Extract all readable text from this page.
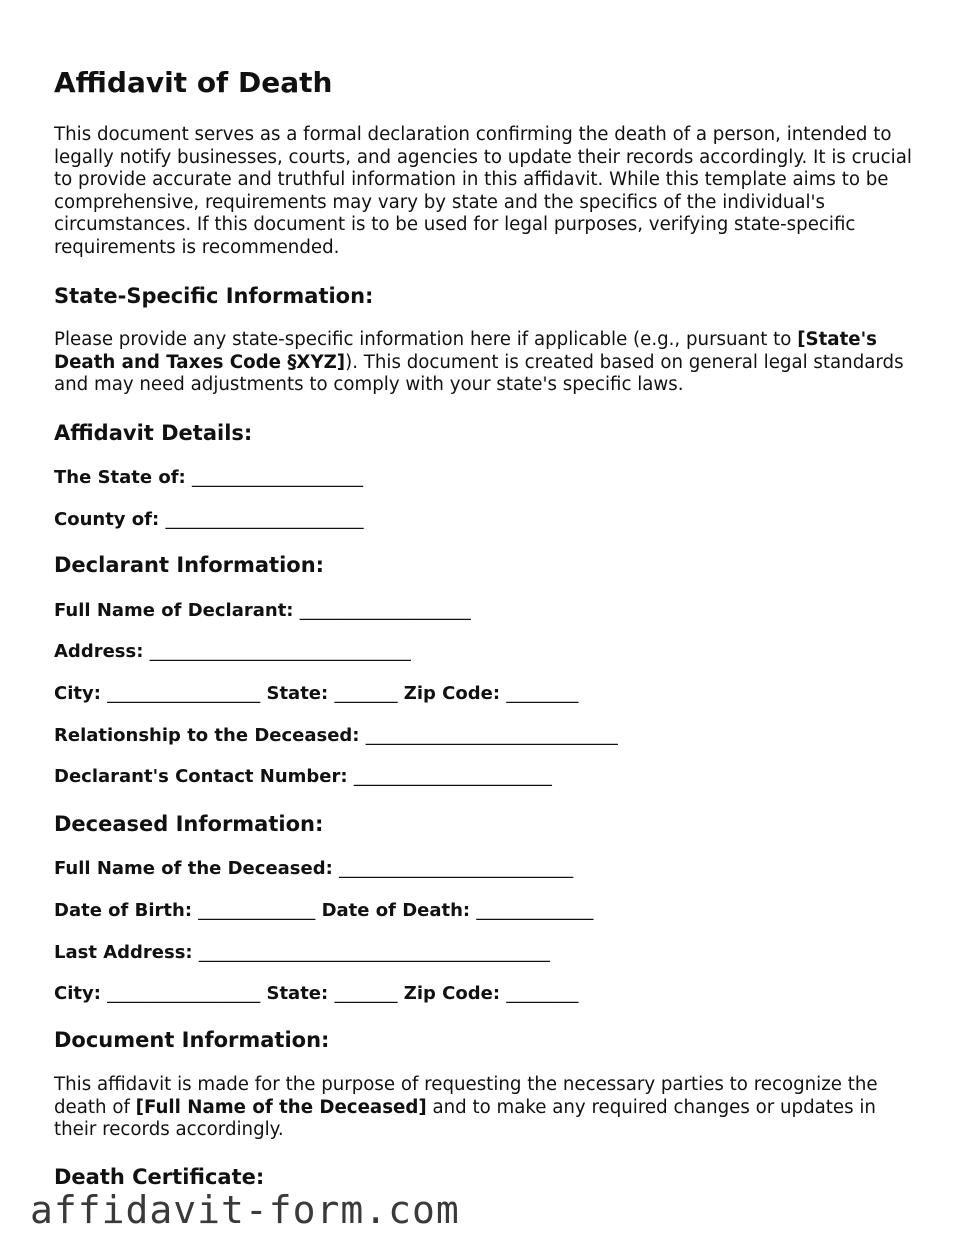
Affidavit of Death

This document serves as a formal declaration confirming the death of a person, intended to legally notify businesses, courts, and agencies to update their records accordingly. It is crucial to provide accurate and truthful information in this affidavit. While this template aims to be comprehensive, requirements may vary by state and the specifics of the individual's circumstances. If this document is to be used for legal purposes, verifying state-specific requirements is recommended.

State-Specific Information:

Please provide any state-specific information here if applicable (e.g., pursuant to [State's Death and Taxes Code §XYZ]). This document is created based on general legal standards and may need adjustments to comply with your state's specific laws.

Affidavit Details:

The State of: ___________________

County of: ______________________

Declarant Information:

Full Name of Declarant: ___________________

Address: _____________________________

City: _________________ State: _______ Zip Code: ________

Relationship to the Deceased: ____________________________

Declarant's Contact Number: ______________________

Deceased Information:

Full Name of the Deceased: __________________________

Date of Birth: _____________ Date of Death: _____________

Last Address: _______________________________________

City: _________________ State: _______ Zip Code: ________

Document Information:

This affidavit is made for the purpose of requesting the necessary parties to recognize the death of [Full Name of the Deceased] and to make any required changes or updates in their records accordingly.

Death Certificate:
affidavit-form.com
